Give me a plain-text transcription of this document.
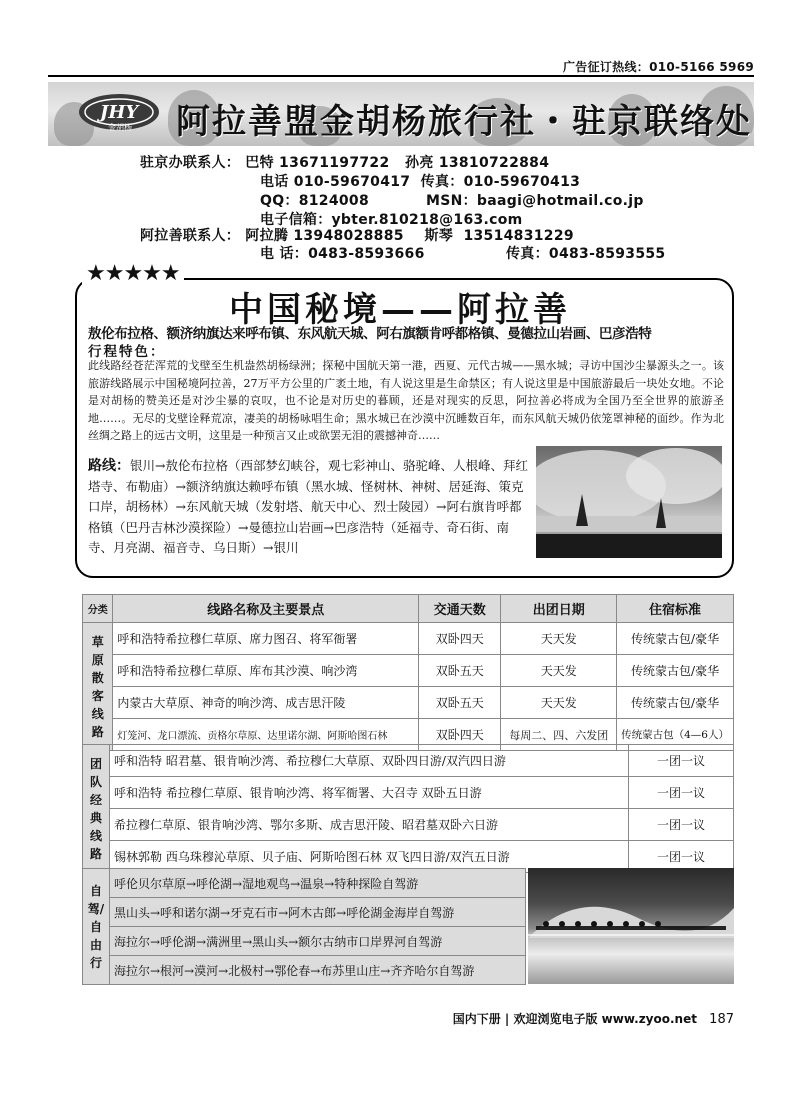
广告征订热线：010-5166 5969
JHY
金胡杨 阿拉善盟金胡杨旅行社・驻京联络处
驻京办联系人： 巴特 13671197722   孙亮 13810722884
电话 010-59670417  传真：010-59670413
QQ：8124008	MSN：baagi@hotmail.co.jp
电子信箱：ybter.810218@163.com
阿拉善联系人： 阿拉腾 13948028885    斯琴  13514831229
电 话：0483-8593666	传真：0483-8593555
★★★★★
中国秘境——阿拉善
敖伦布拉格、额济纳旗达来呼布镇、东风航天城、阿右旗额肯呼都格镇、曼德拉山岩画、巴彦浩特
行程特色：
此线路经苍茫浑荒的戈壁至生机盎然胡杨绿洲；探秘中国航天第一港，西夏、元代古城——黑水城；寻访中国沙尘暴源头之一。该旅游线路展示中国秘境阿拉善，27万平方公里的广袤土地，有人说这里是生命禁区；有人说这里是中国旅游最后一块处女地。不论是对胡杨的赞美还是对沙尘暴的哀叹，也不论是对历史的暮顾，还是对现实的反思，阿拉善必将成为全国乃至全世界的旅游圣地……。无尽的戈壁诠释荒凉，凄美的胡杨咏唱生命；黑水城已在沙漠中沉睡数百年，而东风航天城仍依笼罩神秘的面纱。作为北丝绸之路上的远古文明，这里是一种预言又止或欲罢无泪的震撼神奇……
路线：银川→敖伦布拉格（西部梦幻峡谷，观七彩神山、骆驼峰、人根峰、拜红塔寺、布勒庙）→额济纳旗达赖呼布镇（黑水城、怪树林、神树、居延海、策克口岸，胡杨林）→东风航天城（发射塔、航天中心、烈士陵园）→阿右旗肯呼都格镇（巴丹吉林沙漠探险）→曼德拉山岩画→巴彦浩特（延福寺、奇石街、南寺、月亮湖、福音寺、乌日斯）→银川
分类	线路名称及主要景点	交通天数	出团日期	住宿标准
草原散客线路	呼和浩特希拉穆仁草原、席力图召、将军衙署	双卧四天	天天发	传统蒙古包/豪华
	呼和浩特希拉穆仁草原、库布其沙漠、响沙湾	双卧五天	天天发	传统蒙古包/豪华
	内蒙古大草原、神奇的响沙湾、成吉思汗陵	双卧五天	天天发	传统蒙古包/豪华
	灯笼河、龙口漂流、贡格尔草原、达里诺尔湖、阿斯哈图石林	双卧四天	每周二、四、六发团	传统蒙古包（4—6人）
团队经典线路	呼和浩特 昭君墓、银肯响沙湾、希拉穆仁大草原、双卧四日游/双汽四日游	一团一议
	呼和浩特 希拉穆仁草原、银肯响沙湾、将军衙署、大召寺 双卧五日游	一团一议
	希拉穆仁草原、银肯响沙湾、鄂尔多斯、成吉思汗陵、昭君墓双卧六日游	一团一议
	锡林郭勒 西乌珠穆沁草原、贝子庙、阿斯哈图石林 双飞四日游/双汽五日游	一团一议
自驾/自由行	呼伦贝尔草原→呼伦湖→湿地观鸟→温泉→特种探险自驾游
黑山头→呼和诺尔湖→牙克石市→阿木古郎→呼伦湖金海岸自驾游
海拉尔→呼伦湖→满洲里→黑山头→额尔古纳市口岸界河自驾游
海拉尔→根河→漠河→北极村→鄂伦春→布苏里山庄→齐齐哈尔自驾游
国内下册 | 欢迎浏览电子版 www.zyoo.net 187
